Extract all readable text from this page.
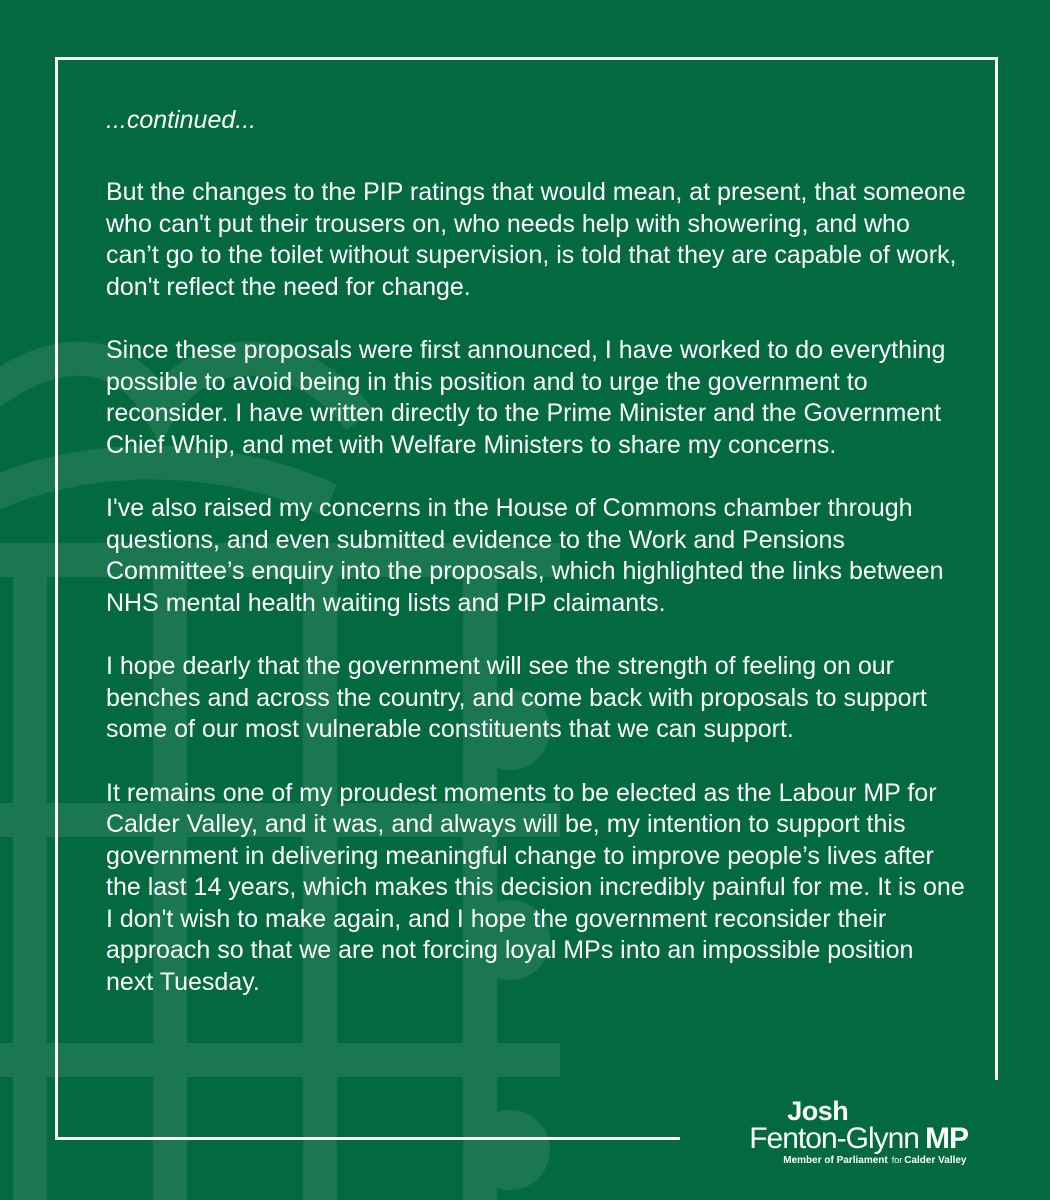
...continued...

But the changes to the PIP ratings that would mean, at present, that someone who can't put their trousers on, who needs help with showering, and who can’t go to the toilet without supervision, is told that they are capable of work, don't reflect the need for change.

Since these proposals were first announced, I have worked to do everything possible to avoid being in this position and to urge the government to reconsider. I have written directly to the Prime Minister and the Government Chief Whip, and met with Welfare Ministers to share my concerns.

I've also raised my concerns in the House of Commons chamber through questions, and even submitted evidence to the Work and Pensions Committee’s enquiry into the proposals, which highlighted the links between NHS mental health waiting lists and PIP claimants.

I hope dearly that the government will see the strength of feeling on our benches and across the country, and come back with proposals to support some of our most vulnerable constituents that we can support.

It remains one of my proudest moments to be elected as the Labour MP for Calder Valley, and it was, and always will be, my intention to support this government in delivering meaningful change to improve people’s lives after the last 14 years, which makes this decision incredibly painful for me. It is one I don't wish to make again, and I hope the government reconsider their approach so that we are not forcing loyal MPs into an impossible position next Tuesday.

Josh
Fenton-Glynn MP
Member of Parliament for Calder Valley
